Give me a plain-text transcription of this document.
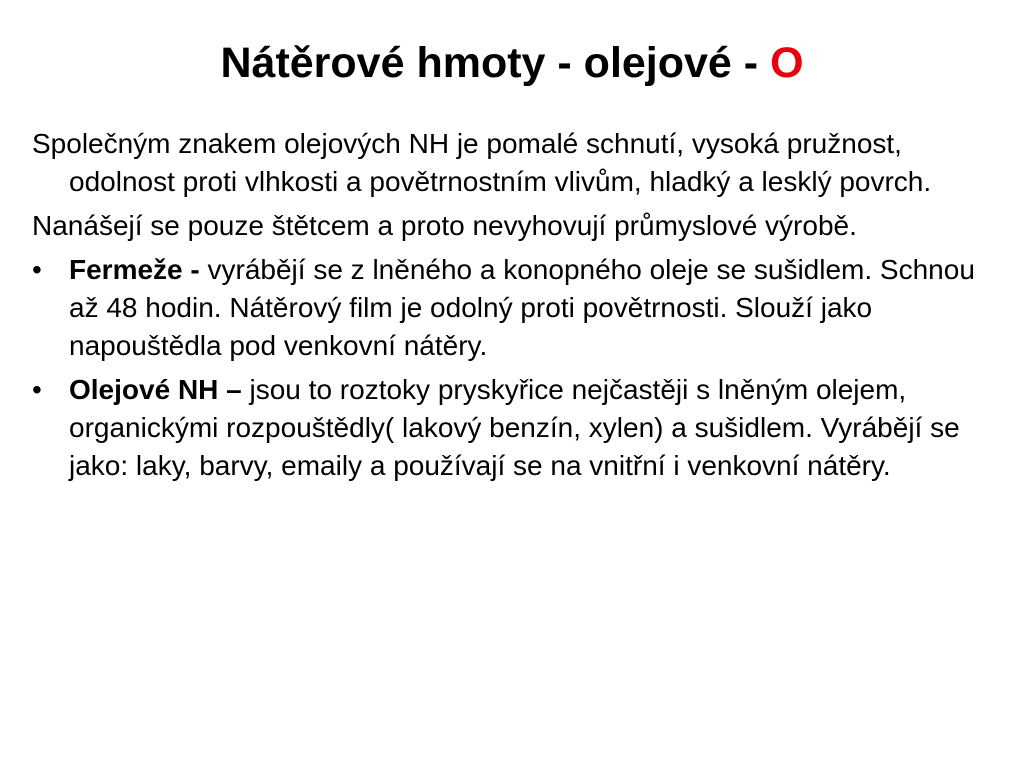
Nátěrové hmoty - olejové - O

Společným znakem olejových NH je pomalé schnutí, vysoká pružnost, odolnost proti vlhkosti a povětrnostním vlivům, hladký a lesklý povrch.

Nanášejí se pouze štětcem a proto nevyhovují průmyslové výrobě.

• Fermeže - vyrábějí se z lněného a konopného oleje se sušidlem. Schnou až 48 hodin. Nátěrový film je odolný proti povětrnosti. Slouží jako napouštědla pod venkovní nátěry.

• Olejové NH – jsou to roztoky pryskyřice nejčastěji s lněným olejem, organickými rozpouštědly( lakový benzín, xylen) a sušidlem. Vyrábějí se jako: laky, barvy, emaily a používají se na vnitřní i venkovní nátěry.
